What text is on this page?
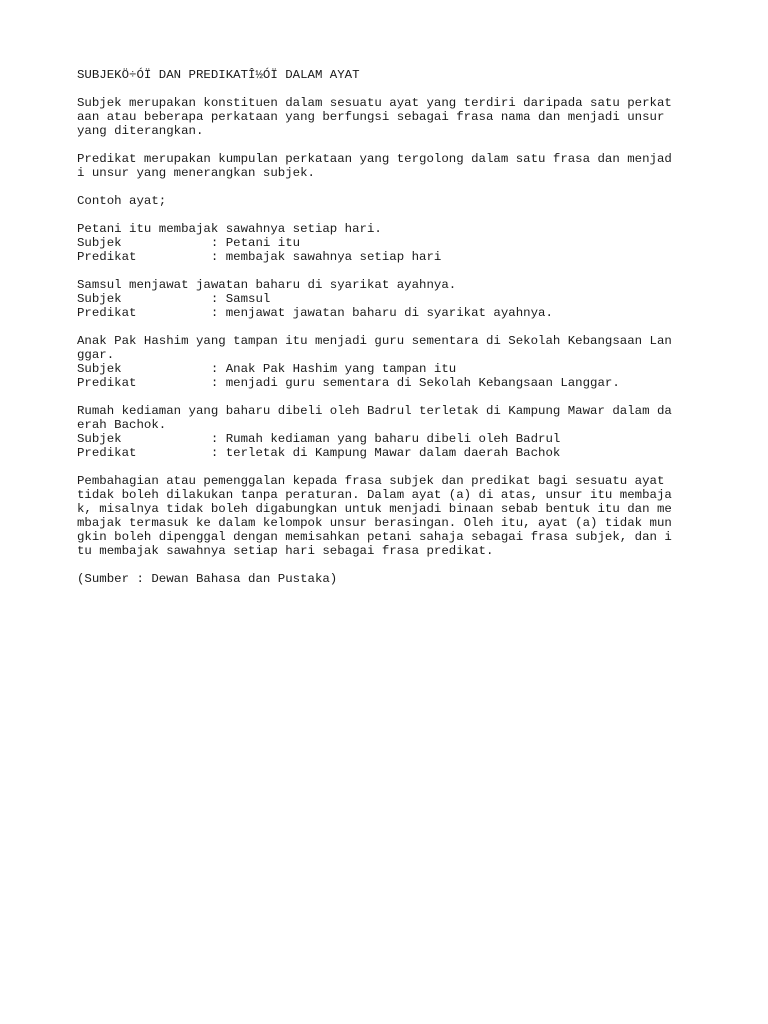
SUBJEKÖ÷ÓÏ DAN PREDIKATÎ½ÓÏ DALAM AYAT
Subjek merupakan konstituen dalam sesuatu ayat yang terdiri daripada satu perkat
aan atau beberapa perkataan yang berfungsi sebagai frasa nama dan menjadi unsur
yang diterangkan.
Predikat merupakan kumpulan perkataan yang tergolong dalam satu frasa dan menjad
i unsur yang menerangkan subjek.
Contoh ayat;
Petani itu membajak sawahnya setiap hari.
Subjek            : Petani itu
Predikat          : membajak sawahnya setiap hari
Samsul menjawat jawatan baharu di syarikat ayahnya.
Subjek            : Samsul
Predikat          : menjawat jawatan baharu di syarikat ayahnya.
Anak Pak Hashim yang tampan itu menjadi guru sementara di Sekolah Kebangsaan Lan
ggar.
Subjek            : Anak Pak Hashim yang tampan itu
Predikat          : menjadi guru sementara di Sekolah Kebangsaan Langgar.
Rumah kediaman yang baharu dibeli oleh Badrul terletak di Kampung Mawar dalam da
erah Bachok.
Subjek            : Rumah kediaman yang baharu dibeli oleh Badrul
Predikat          : terletak di Kampung Mawar dalam daerah Bachok
Pembahagian atau pemenggalan kepada frasa subjek dan predikat bagi sesuatu ayat
tidak boleh dilakukan tanpa peraturan. Dalam ayat (a) di atas, unsur itu membaja
k, misalnya tidak boleh digabungkan untuk menjadi binaan sebab bentuk itu dan me
mbajak termasuk ke dalam kelompok unsur berasingan. Oleh itu, ayat (a) tidak mun
gkin boleh dipenggal dengan memisahkan petani sahaja sebagai frasa subjek, dan i
tu membajak sawahnya setiap hari sebagai frasa predikat.
(Sumber : Dewan Bahasa dan Pustaka)
